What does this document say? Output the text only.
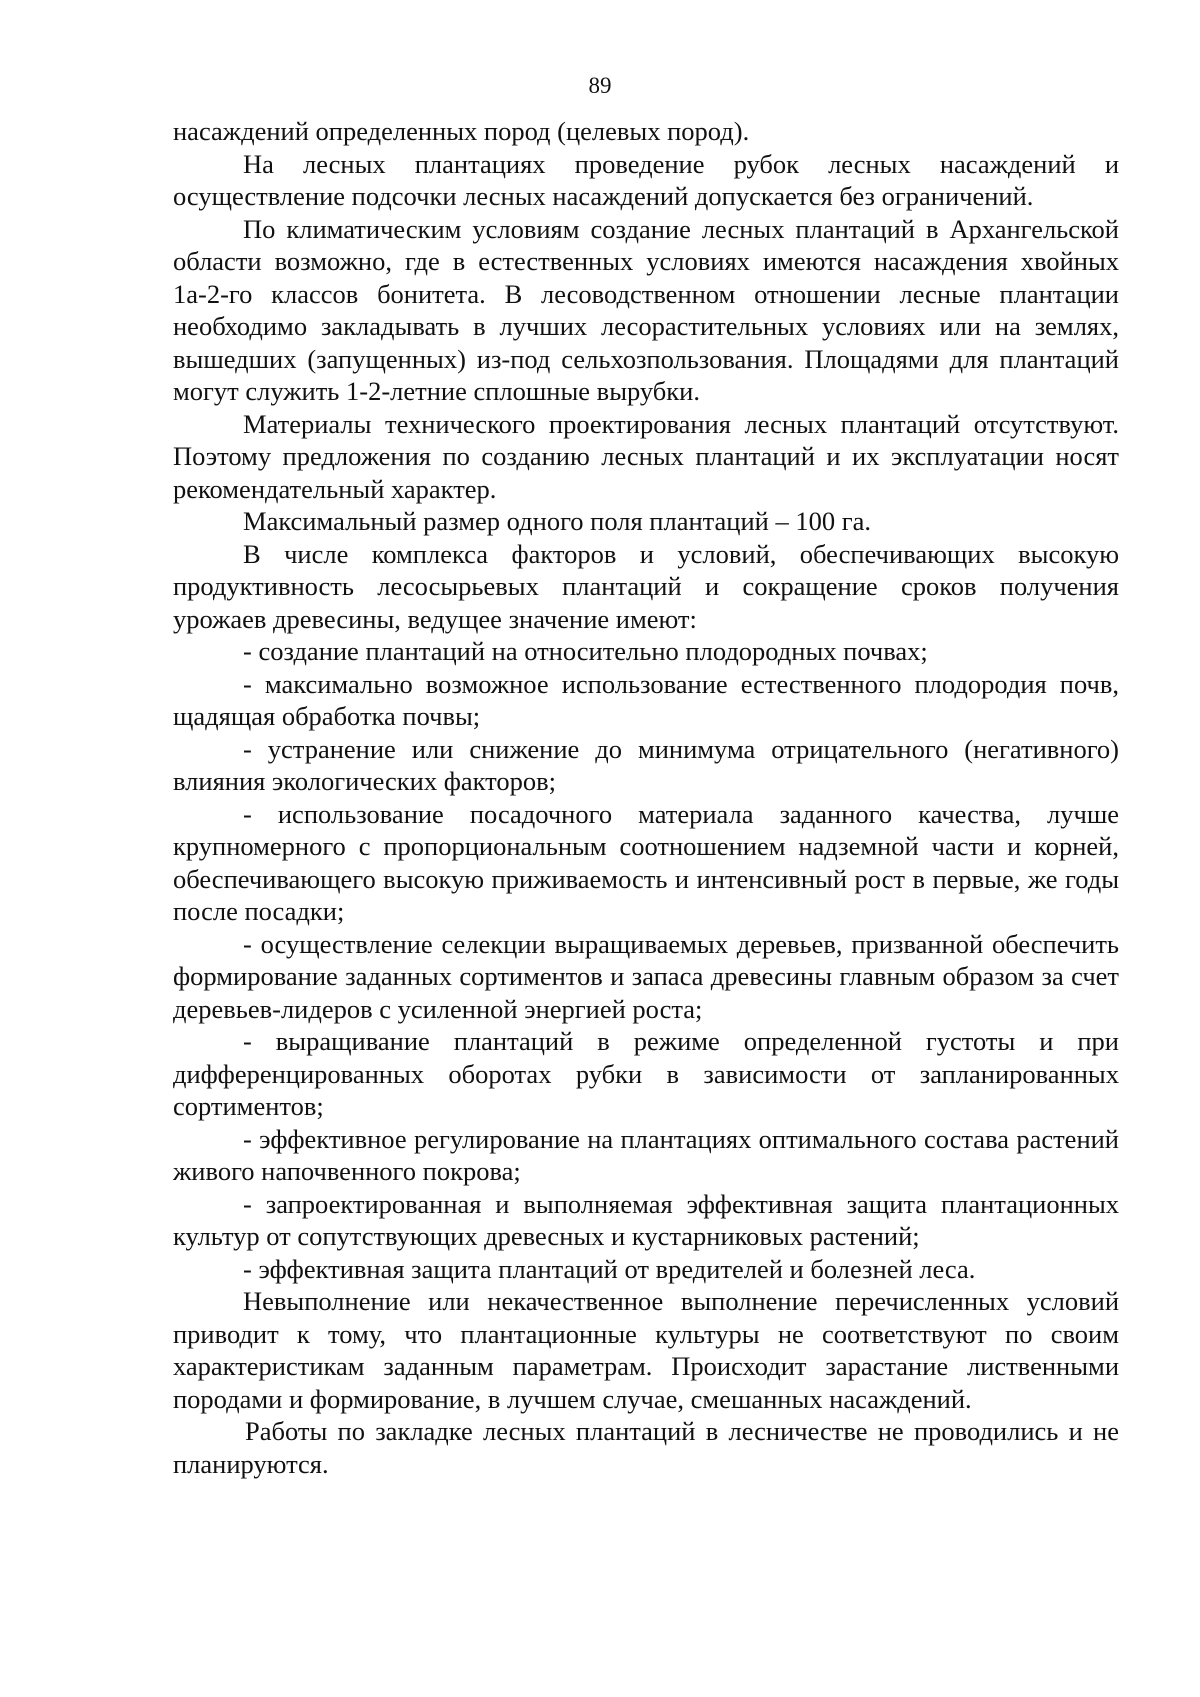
89

насаждений определенных пород (целевых пород).

На лесных плантациях проведение рубок лесных насаждений и осуществление подсочки лесных насаждений допускается без ограничений.

По климатическим условиям создание лесных плантаций в Архангельской области возможно, где в естественных условиях имеются насаждения хвойных 1а-2-го классов бонитета. В лесоводственном отношении лесные плантации необходимо закладывать в лучших лесорастительных условиях или на землях, вышедших (запущенных) из-под сельхозпользования. Площадями для плантаций могут служить 1-2-летние сплошные вырубки.

Материалы технического проектирования лесных плантаций отсутствуют. Поэтому предложения по созданию лесных плантаций и их эксплуатации носят рекомендательный характер.

Максимальный размер одного поля плантаций – 100 га.

В числе комплекса факторов и условий, обеспечивающих высокую продуктивность лесосырьевых плантаций и сокращение сроков получения урожаев древесины, ведущее значение имеют:

- создание плантаций на относительно плодородных почвах;

- максимально возможное использование естественного плодородия почв, щадящая обработка почвы;

- устранение или снижение до минимума отрицательного (негативного) влияния экологических факторов;

- использование посадочного материала заданного качества, лучше крупномерного с пропорциональным соотношением надземной части и корней, обеспечивающего высокую приживаемость и интенсивный рост в первые, же годы после посадки;

- осуществление селекции выращиваемых деревьев, призванной обеспечить формирование заданных сортиментов и запаса древесины главным образом за счет деревьев-лидеров с усиленной энергией роста;

- выращивание плантаций в режиме определенной густоты и при дифференцированных оборотах рубки в зависимости от запланированных сортиментов;

- эффективное регулирование на плантациях оптимального состава растений живого напочвенного покрова;

- запроектированная и выполняемая эффективная защита плантационных культур от сопутствующих древесных и кустарниковых растений;

- эффективная защита плантаций от вредителей и болезней леса.

Невыполнение или некачественное выполнение перечисленных условий приводит к тому, что плантационные культуры не соответствуют по своим характеристикам заданным параметрам. Происходит зарастание лиственными породами и формирование, в лучшем случае, смешанных насаждений.

Работы по закладке лесных плантаций в лесничестве не проводились и не планируются.
